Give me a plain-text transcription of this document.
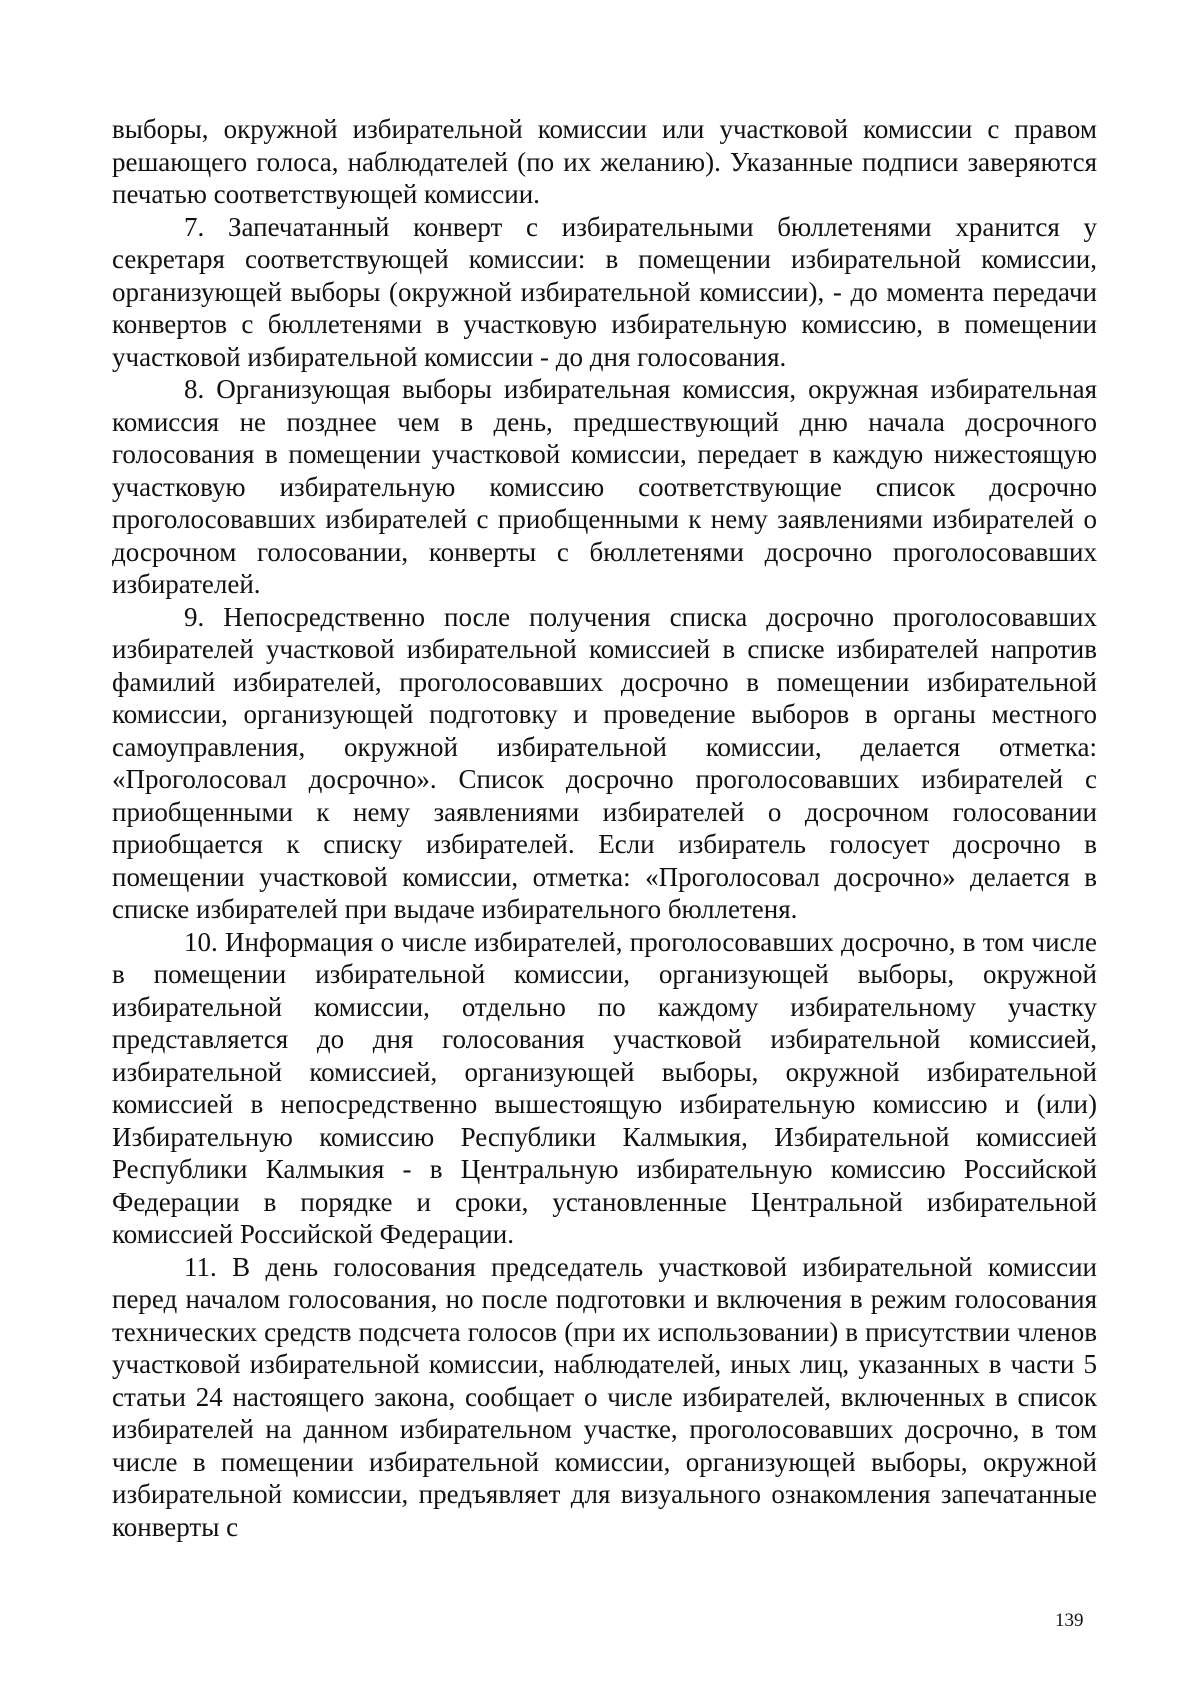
выборы, окружной избирательной комиссии или участковой комиссии с правом решающего голоса, наблюдателей (по их желанию). Указанные подписи заверяются печатью соответствующей комиссии.

7. Запечатанный конверт с избирательными бюллетенями хранится у секретаря соответствующей комиссии: в помещении избирательной комиссии, организующей выборы (окружной избирательной комиссии), - до момента передачи конвертов с бюллетенями в участковую избирательную комиссию, в помещении участковой избирательной комиссии - до дня голосования.

8. Организующая выборы избирательная комиссия, окружная избирательная комиссия не позднее чем в день, предшествующий дню начала досрочного голосования в помещении участковой комиссии, передает в каждую нижестоящую участковую избирательную комиссию соответствующие список досрочно проголосовавших избирателей с приобщенными к нему заявлениями избирателей о досрочном голосовании, конверты с бюллетенями досрочно проголосовавших избирателей.

9. Непосредственно после получения списка досрочно проголосовавших избирателей участковой избирательной комиссией в списке избирателей напротив фамилий избирателей, проголосовавших досрочно в помещении избирательной комиссии, организующей подготовку и проведение выборов в органы местного самоуправления, окружной избирательной комиссии, делается отметка: «Проголосовал досрочно». Список досрочно проголосовавших избирателей с приобщенными к нему заявлениями избирателей о досрочном голосовании приобщается к списку избирателей. Если избиратель голосует досрочно в помещении участковой комиссии, отметка: «Проголосовал досрочно» делается в списке избирателей при выдаче избирательного бюллетеня.

10. Информация о числе избирателей, проголосовавших досрочно, в том числе в помещении избирательной комиссии, организующей выборы, окружной избирательной комиссии, отдельно по каждому избирательному участку представляется до дня голосования участковой избирательной комиссией, избирательной комиссией, организующей выборы, окружной избирательной комиссией в непосредственно вышестоящую избирательную комиссию и (или) Избирательную комиссию Республики Калмыкия, Избирательной комиссией Республики Калмыкия - в Центральную избирательную комиссию Российской Федерации в порядке и сроки, установленные Центральной избирательной комиссией Российской Федерации.

11. В день голосования председатель участковой избирательной комиссии перед началом голосования, но после подготовки и включения в режим голосования технических средств подсчета голосов (при их использовании) в присутствии членов участковой избирательной комиссии, наблюдателей, иных лиц, указанных в части 5 статьи 24 настоящего закона, сообщает о числе избирателей, включенных в список избирателей на данном избирательном участке, проголосовавших досрочно, в том числе в помещении избирательной комиссии, организующей выборы, окружной избирательной комиссии, предъявляет для визуального ознакомления запечатанные конверты с

139
